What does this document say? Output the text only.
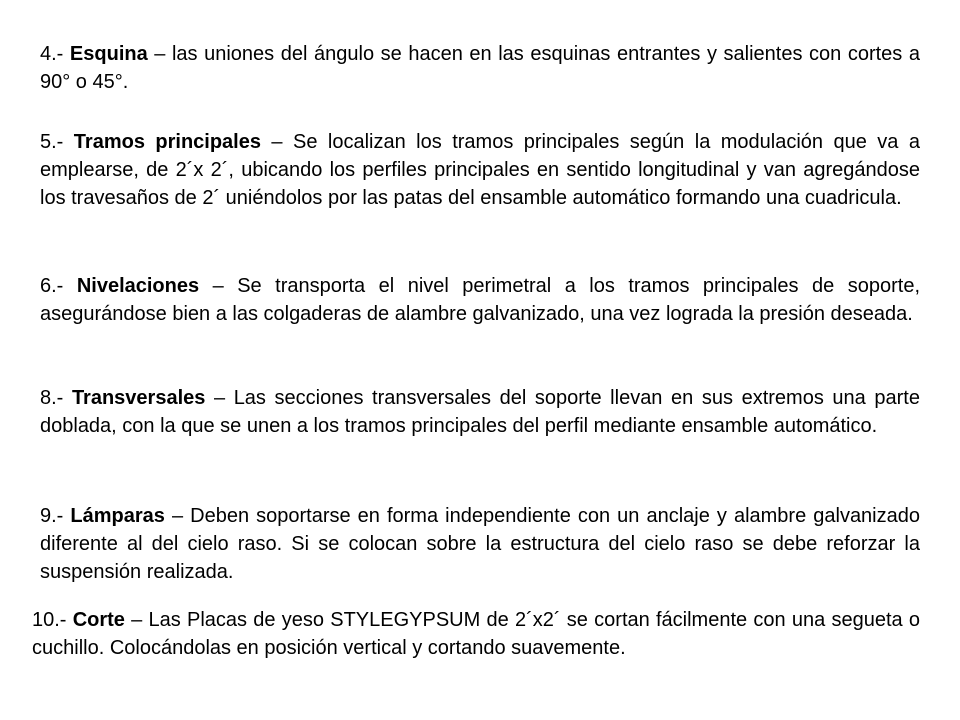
4.- Esquina – las uniones del ángulo se hacen en las esquinas entrantes y salientes con cortes a 90° o 45°.

5.- Tramos principales – Se localizan los tramos principales según la modulación que va a emplearse, de 2´x 2´, ubicando los perfiles principales en sentido longitudinal y van agregándose los travesaños de 2´ uniéndolos por las patas del ensamble automático formando una cuadricula.

6.- Nivelaciones – Se transporta el nivel perimetral a los tramos principales de soporte, asegurándose bien a las colgaderas de alambre galvanizado, una vez lograda la presión deseada.

8.- Transversales – Las secciones transversales del soporte llevan en sus extremos una parte doblada, con la que se unen a los tramos principales del perfil mediante ensamble automático.

9.- Lámparas – Deben soportarse en forma independiente con un anclaje y alambre galvanizado diferente al del cielo raso. Si se colocan sobre la estructura del cielo raso se debe reforzar la suspensión realizada.

10.- Corte – Las Placas de yeso STYLEGYPSUM de 2´x2´ se cortan fácilmente con una segueta o cuchillo. Colocándolas en posición vertical y cortando suavemente.
